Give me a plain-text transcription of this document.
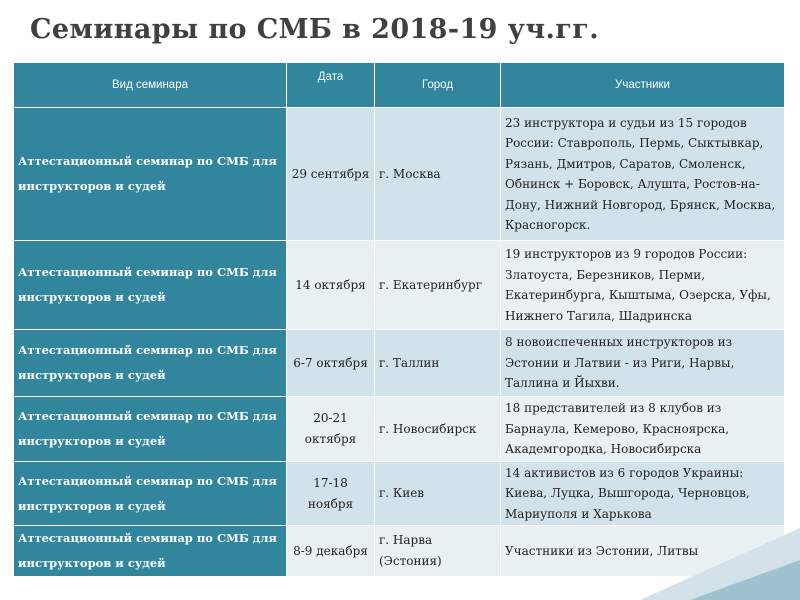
Семинары по СМБ в 2018-19 уч.гг.
Вид семинара	Дата	Город	Участники
Аттестационный семинар по СМБ для инструкторов и судей	29 сентября	г. Москва	23 инструктора и судьи из 15 городов России: Ставрополь, Пермь, Сыктывкар, Рязань, Дмитров, Саратов, Смоленск, Обнинск + Боровск, Алушта, Ростов-на-Дону, Нижний Новгород, Брянск, Москва, Красногорск.
Аттестационный семинар по СМБ для инструкторов и судей	14 октября	г. Екатеринбург	19 инструкторов из 9 городов России: Златоуста, Березников, Перми, Екатеринбурга, Кыштыма, Озерска, Уфы, Нижнего Тагила, Шадринска
Аттестационный семинар по СМБ для инструкторов и судей	6-7 октября	г. Таллин	8 новоиспеченных инструкторов из Эстонии и Латвии - из Риги, Нарвы, Таллина и Йыхви.
Аттестационный семинар по СМБ для инструкторов и судей	20-21 октября	г. Новосибирск	18 представителей из 8 клубов из Барнаула, Кемерово, Красноярска, Академгородка, Новосибирска
Аттестационный семинар по СМБ для инструкторов и судей	17-18 ноября	г. Киев	14 активистов из 6 городов Украины: Киева, Луцка, Вышгорода, Черновцов, Мариуполя и Харькова
Аттестационный семинар по СМБ для инструкторов и судей	8-9 декабря	г. Нарва (Эстония)	Участники из Эстонии, Литвы
